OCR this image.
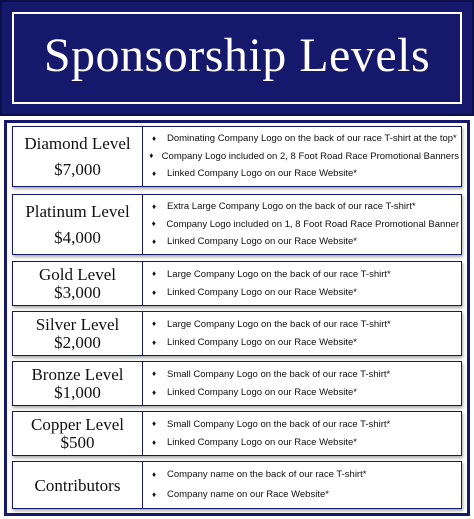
Sponsorship Levels
Diamond Level
$7,000
♦	Dominating Company Logo on the back of our race T-shirt at the top*
♦ Company Logo included on 2, 8 Foot Road Race Promotional Banners
♦	Linked Company Logo on our Race Website*
Platinum Level
$4,000
♦	Extra Large Company Logo on the back of our race T-shirt*
♦	Company Logo included on 1, 8 Foot Road Race Promotional Banner
♦	Linked Company Logo on our Race Website*
Gold Level
$3,000
♦	Large Company Logo on the back of our race T-shirt*
♦	Linked Company Logo on our Race Website*
Silver Level
$2,000
♦	Large Company Logo on the back of our race T-shirt*
♦	Linked Company Logo on our Race Website*
Bronze Level
$1,000
♦	Small Company Logo on the back of our race T-shirt*
♦	Linked Company Logo on our Race Website*
Copper Level
$500
♦	Small Company Logo on the back of our race T-shirt*
♦	Linked Company Logo on our Race Website*
Contributors
♦	Company name on the back of our race T-shirt*
♦	Company name on our Race Website*
